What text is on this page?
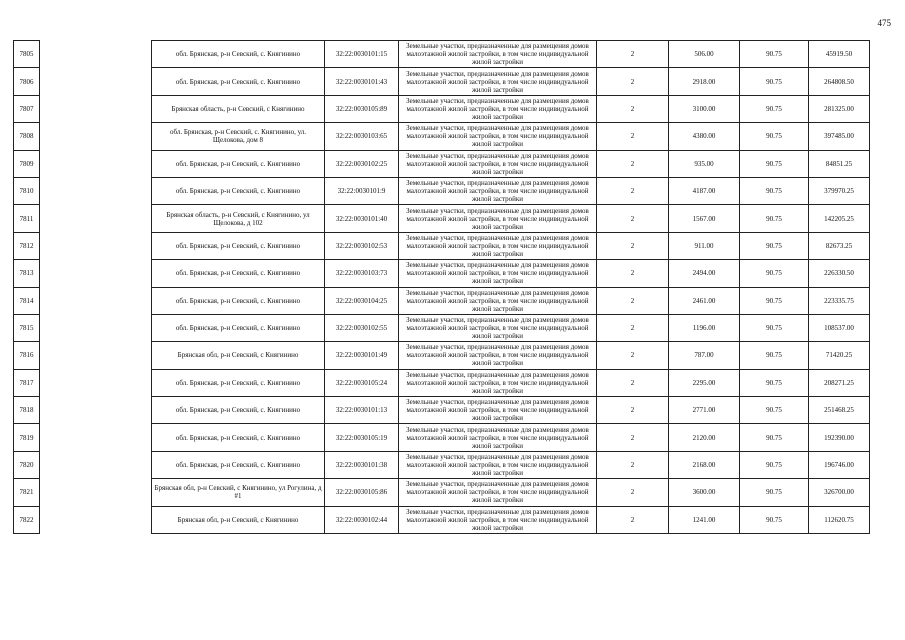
475
7805		обл. Брянская, р-н Севский, с. Княгинино	32:22:0030101:15	Земельные участки, предназначенные для размещения домов малоэтажной жилой застройки, в том числе индивидуальной жилой застройки	2	506.00	90.75	45919.50
7806		обл. Брянская, р-н Севский, с. Княгинино	32:22:0030101:43	Земельные участки, предназначенные для размещения домов малоэтажной жилой застройки, в том числе индивидуальной жилой застройки	2	2918.00	90.75	264808.50
7807		Брянская область, р-н Севский, с Княгинино	32:22:0030105:89	Земельные участки, предназначенные для размещения домов малоэтажной жилой застройки, в том числе индивидуальной жилой застройки	2	3100.00	90.75	281325.00
7808		обл. Брянская, р-н Севский, с. Княгинино, ул. Щелокова, дом 8	32:22:0030103:65	Земельные участки, предназначенные для размещения домов малоэтажной жилой застройки, в том числе индивидуальной жилой застройки	2	4380.00	90.75	397485.00
7809		обл. Брянская, р-н Севский, с. Княгинино	32:22:0030102:25	Земельные участки, предназначенные для размещения домов малоэтажной жилой застройки, в том числе индивидуальной жилой застройки	2	935.00	90.75	84851.25
7810		обл. Брянская, р-н Севский, с. Княгинино	32:22:0030101:9	Земельные участки, предназначенные для размещения домов малоэтажной жилой застройки, в том числе индивидуальной жилой застройки	2	4187.00	90.75	379970.25
7811		Брянская область, р-н Севский, с Княгинино, ул Щелокова, д 102	32:22:0030101:40	Земельные участки, предназначенные для размещения домов малоэтажной жилой застройки, в том числе индивидуальной жилой застройки	2	1567.00	90.75	142205.25
7812		обл. Брянская, р-н Севский, с. Княгинино	32:22:0030102:53	Земельные участки, предназначенные для размещения домов малоэтажной жилой застройки, в том числе индивидуальной жилой застройки	2	911.00	90.75	82673.25
7813		обл. Брянская, р-н Севский, с. Княгинино	32:22:0030103:73	Земельные участки, предназначенные для размещения домов малоэтажной жилой застройки, в том числе индивидуальной жилой застройки	2	2494.00	90.75	226330.50
7814		обл. Брянская, р-н Севский, с. Княгинино	32:22:0030104:25	Земельные участки, предназначенные для размещения домов малоэтажной жилой застройки, в том числе индивидуальной жилой застройки	2	2461.00	90.75	223335.75
7815		обл. Брянская, р-н Севский, с. Княгинино	32:22:0030102:55	Земельные участки, предназначенные для размещения домов малоэтажной жилой застройки, в том числе индивидуальной жилой застройки	2	1196.00	90.75	108537.00
7816		Брянская обл, р-н Севский, с Княгинино	32:22:0030101:49	Земельные участки, предназначенные для размещения домов малоэтажной жилой застройки, в том числе индивидуальной жилой застройки	2	787.00	90.75	71420.25
7817		обл. Брянская, р-н Севский, с. Княгинино	32:22:0030105:24	Земельные участки, предназначенные для размещения домов малоэтажной жилой застройки, в том числе индивидуальной жилой застройки	2	2295.00	90.75	208271.25
7818		обл. Брянская, р-н Севский, с. Княгинино	32:22:0030101:13	Земельные участки, предназначенные для размещения домов малоэтажной жилой застройки, в том числе индивидуальной жилой застройки	2	2771.00	90.75	251468.25
7819		обл. Брянская, р-н Севский, с. Княгинино	32:22:0030105:19	Земельные участки, предназначенные для размещения домов малоэтажной жилой застройки, в том числе индивидуальной жилой застройки	2	2120.00	90.75	192390.00
7820		обл. Брянская, р-н Севский, с. Княгинино	32:22:0030101:38	Земельные участки, предназначенные для размещения домов малоэтажной жилой застройки, в том числе индивидуальной жилой застройки	2	2168.00	90.75	196746.00
7821		Брянская обл, р-н Севский, с Княгинино, ул Рогулина, д #1	32:22:0030105:86	Земельные участки, предназначенные для размещения домов малоэтажной жилой застройки, в том числе индивидуальной жилой застройки	2	3600.00	90.75	326700.00
7822		Брянская обл, р-н Севский, с Княгинино	32:22:0030102:44	Земельные участки, предназначенные для размещения домов малоэтажной жилой застройки, в том числе индивидуальной жилой застройки	2	1241.00	90.75	112620.75
